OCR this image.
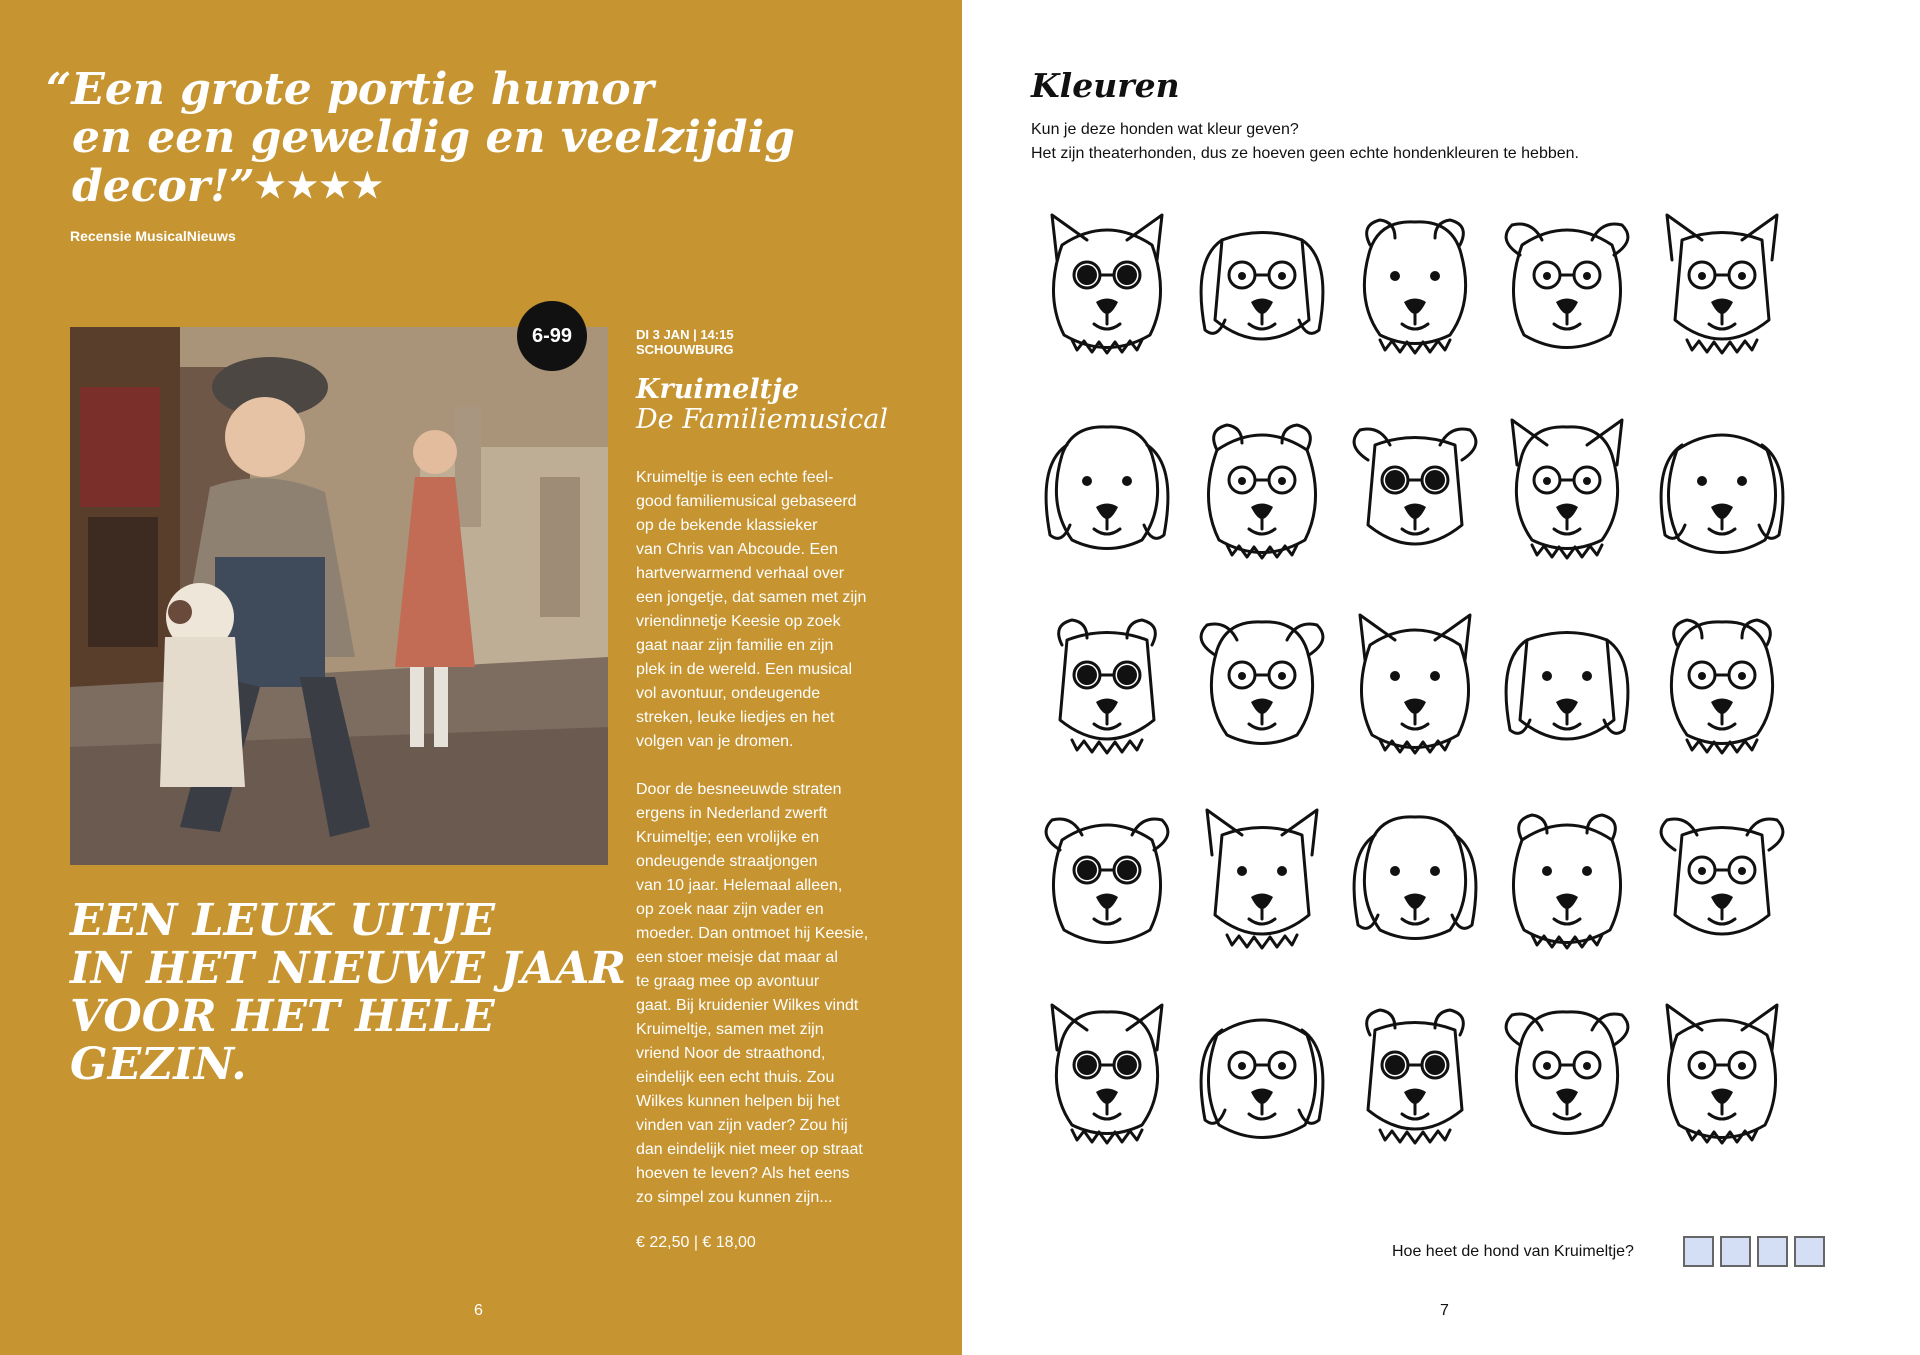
“Een grote portie humor
en een geweldig en veelzijdig
decor!”★★★★
Recensie MusicalNieuws
6-99
EEN LEUK UITJE
IN HET NIEUWE JAAR
VOOR HET HELE
GEZIN.
DI 3 JAN | 14:15
SCHOUWBURG
Kruimeltje
De Familiemusical
Kruimeltje is een echte feel-
good familiemusical gebaseerd
op de bekende klassieker
van Chris van Abcoude. Een
hartverwarmend verhaal over
een jongetje, dat samen met zijn
vriendinnetje Keesie op zoek
gaat naar zijn familie en zijn
plek in de wereld. Een musical
vol avontuur, ondeugende
streken, leuke liedjes en het
volgen van je dromen.
Door de besneeuwde straten
ergens in Nederland zwerft
Kruimeltje; een vrolijke en
ondeugende straatjongen
van 10 jaar. Helemaal alleen,
op zoek naar zijn vader en
moeder. Dan ontmoet hij Keesie,
een stoer meisje dat maar al
te graag mee op avontuur
gaat. Bij kruidenier Wilkes vindt
Kruimeltje, samen met zijn
vriend Noor de straathond,
eindelijk een echt thuis. Zou
Wilkes kunnen helpen bij het
vinden van zijn vader? Zou hij
dan eindelijk niet meer op straat
hoeven te leven? Als het eens
zo simpel zou kunnen zijn...
€ 22,50 | € 18,00
6
Kleuren
Kun je deze honden wat kleur geven?
Het zijn theaterhonden, dus ze hoeven geen echte hondenkleuren te hebben.
Hoe heet de hond van Kruimeltje?
7
